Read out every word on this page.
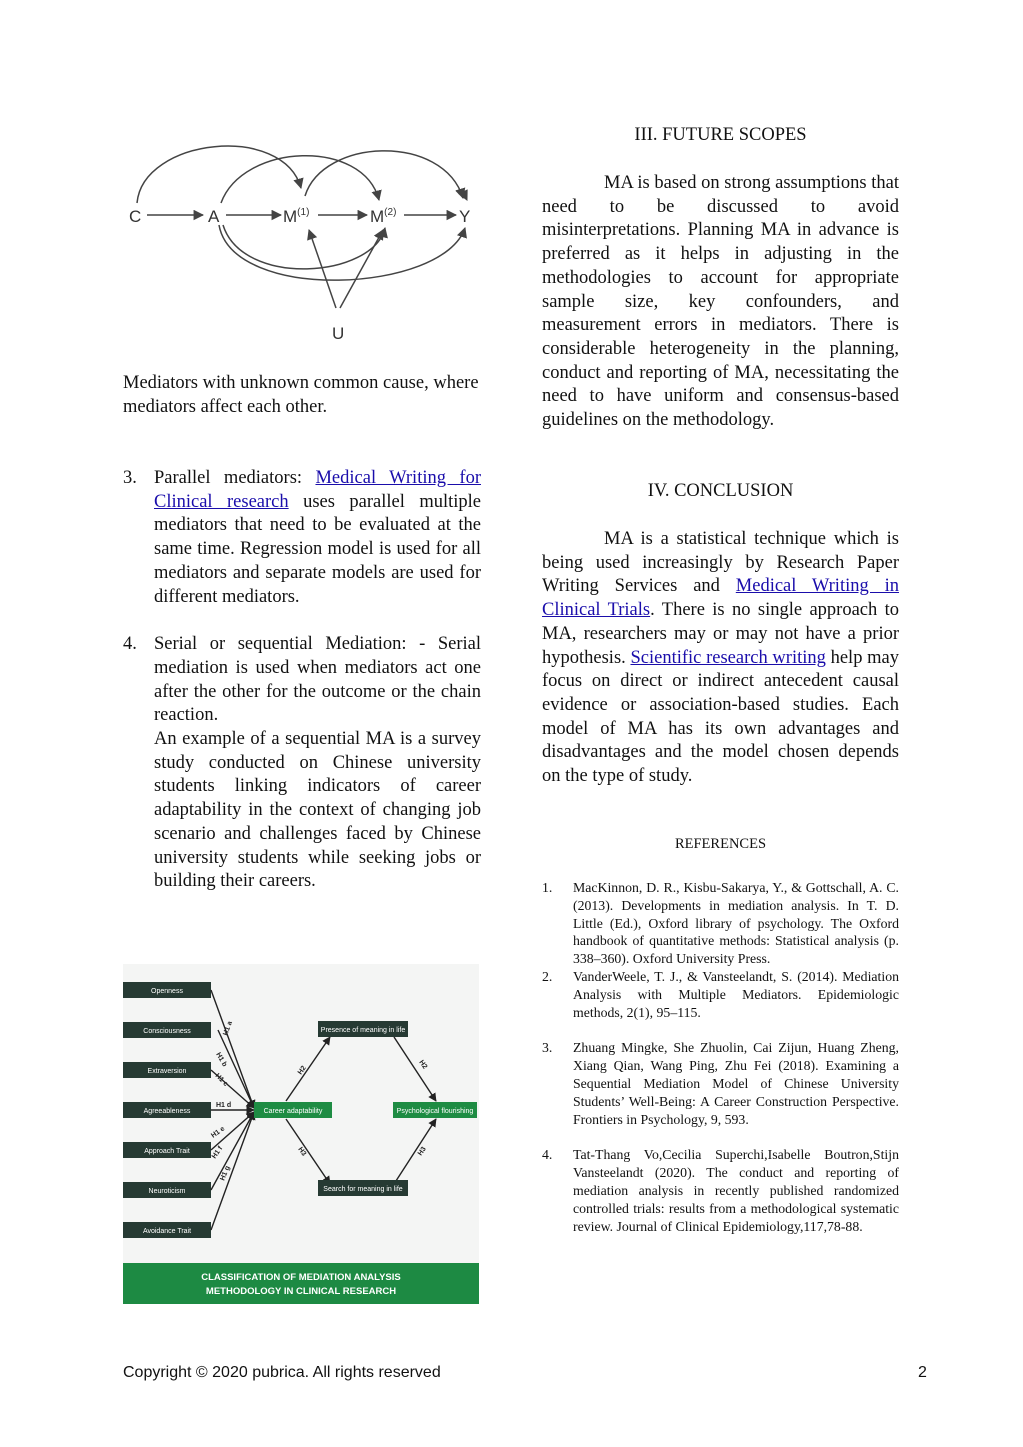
C	A	$M^{(1)}$	$M^{(2)}$	Y
U

Mediators with unknown common cause, where mediators affect each other.

3. Parallel mediators: Medical Writing for Clinical research uses parallel multiple mediators that need to be evaluated at the same time. Regression model is used for all mediators and separate models are used for different mediators.
4. Serial or sequential Mediation: - Serial mediation is used when mediators act one after the other for the outcome or the chain reaction.
An example of a sequential MA is a survey study conducted on Chinese university students linking indicators of career adaptability in the context of changing job scenario and challenges faced by Chinese university students while seeking jobs or building their careers.
Openness
Consciousness
Extraversion
Agreeableness
Approach Trait
Neuroticism
Avoidance Trait
Career adaptability
Presence of meaning in life
Search for meaning in life
Psychological flourishing
H1 a
H1 b
H1 c
H1 d
H1 e
H1 f
H1 g
H2	H2
H3	H3
CLASSIFICATION OF MEDIATION ANALYSIS
METHODOLOGY IN CLINICAL RESEARCH

III. FUTURE SCOPES

MA is based on strong assumptions that need to be discussed to avoid misinterpretations. Planning MA in advance is preferred as it helps in adjusting in the methodologies to account for appropriate sample size, key confounders, and measurement errors in mediators. There is considerable heterogeneity in the planning, conduct and reporting of MA, necessitating the need to have uniform and consensus-based guidelines on the methodology.

IV. CONCLUSION

MA is a statistical technique which is being used increasingly by Research Paper Writing Services and Medical Writing in Clinical Trials. There is no single approach to MA, researchers may or may not have a prior hypothesis. Scientific research writing help may focus on direct or indirect antecedent causal evidence or association-based studies. Each model of MA has its own advantages and disadvantages and the model chosen depends on the type of study.

REFERENCES

1. MacKinnon, D. R., Kisbu-Sakarya, Y., & Gottschall, A. C. (2013). Developments in mediation analysis. In T. D. Little (Ed.), Oxford library of psychology. The Oxford handbook of quantitative methods: Statistical analysis (p. 338–360). Oxford University Press.
2. VanderWeele, T. J., & Vansteelandt, S. (2014). Mediation Analysis with Multiple Mediators. Epidemiologic methods, 2(1), 95–115.
3. Zhuang Mingke, She Zhuolin, Cai Zijun, Huang Zheng, Xiang Qian, Wang Ping, Zhu Fei (2018). Examining a Sequential Mediation Model of Chinese University Students’ Well-Being: A Career Construction Perspective. Frontiers in Psychology, 9, 593.
4. Tat-Thang Vo,Cecilia Superchi,Isabelle Boutron,Stijn Vansteelandt (2020). The conduct and reporting of mediation analysis in recently published randomized controlled trials: results from a methodological systematic review. Journal of Clinical Epidemiology,117,78-88.
Copyright © 2020 pubrica. All rights reserved	2
